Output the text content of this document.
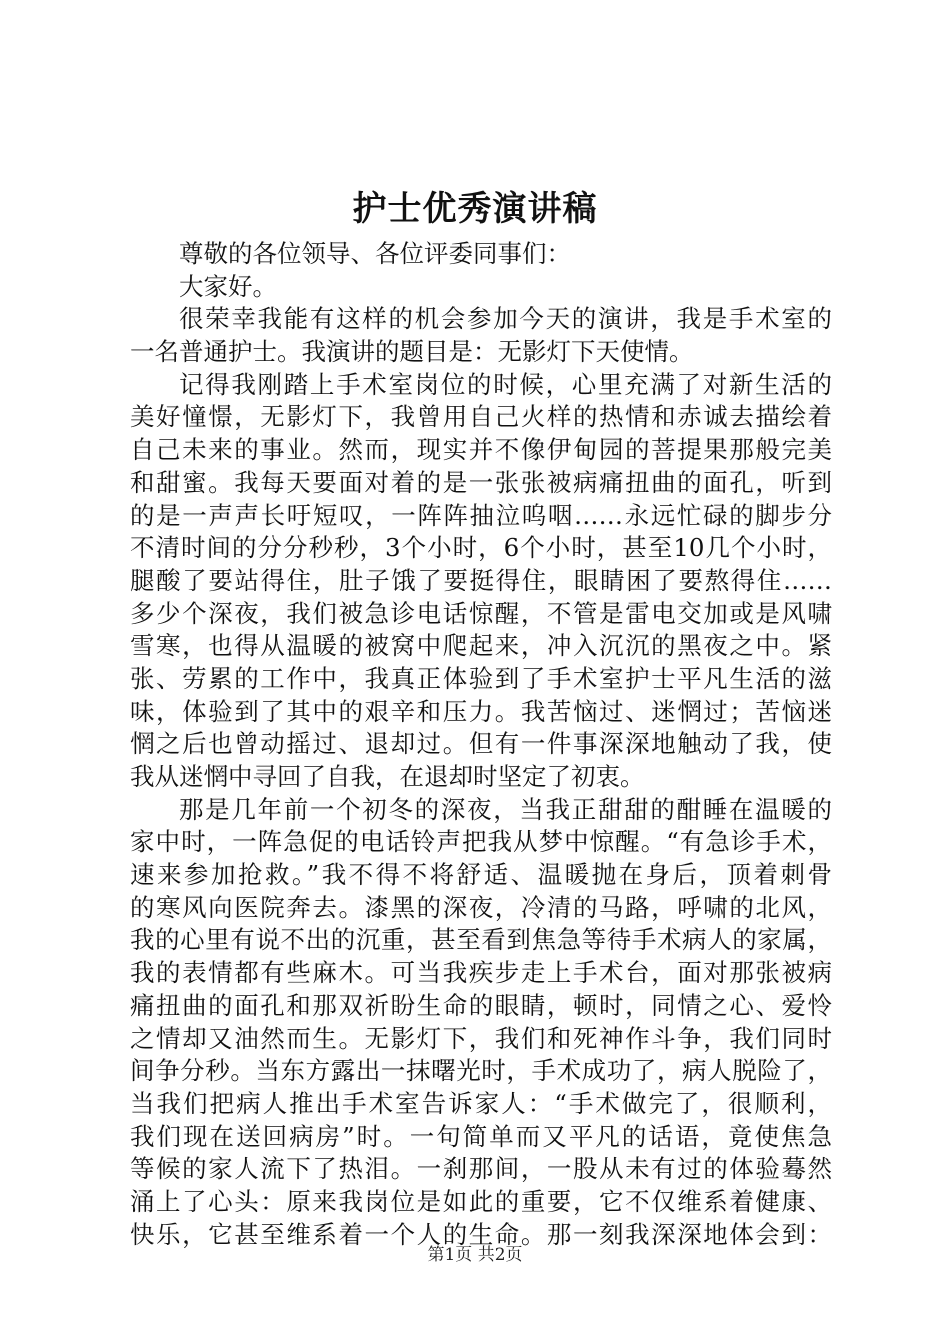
护士优秀演讲稿
尊敬的各位领导、各位评委同事们：
大家好。
很荣幸我能有这样的机会参加今天的演讲，我是手术室的
一名普通护士。我演讲的题目是：无影灯下天使情。
记得我刚踏上手术室岗位的时候，心里充满了对新生活的
美好憧憬，无影灯下，我曾用自己火样的热情和赤诚去描绘着
自己未来的事业。然而，现实并不像伊甸园的菩提果那般完美
和甜蜜。我每天要面对着的是一张张被病痛扭曲的面孔，听到
的是一声声长吁短叹，一阵阵抽泣呜咽……永远忙碌的脚步分
不清时间的分分秒秒，3个小时，6个小时，甚至10几个小时，
腿酸了要站得住，肚子饿了要挺得住，眼睛困了要熬得住……
多少个深夜，我们被急诊电话惊醒，不管是雷电交加或是风啸
雪寒，也得从温暖的被窝中爬起来，冲入沉沉的黑夜之中。紧
张、劳累的工作中，我真正体验到了手术室护士平凡生活的滋
味，体验到了其中的艰辛和压力。我苦恼过、迷惘过；苦恼迷
惘之后也曾动摇过、退却过。但有一件事深深地触动了我，使
我从迷惘中寻回了自我，在退却时坚定了初衷。
那是几年前一个初冬的深夜，当我正甜甜的酣睡在温暖的
家中时，一阵急促的电话铃声把我从梦中惊醒。“有急诊手术，
速来参加抢救。”我不得不将舒适、温暖抛在身后，顶着刺骨
的寒风向医院奔去。漆黑的深夜，冷清的马路，呼啸的北风，
我的心里有说不出的沉重，甚至看到焦急等待手术病人的家属，
我的表情都有些麻木。可当我疾步走上手术台，面对那张被病
痛扭曲的面孔和那双祈盼生命的眼睛，顿时，同情之心、爱怜
之情却又油然而生。无影灯下，我们和死神作斗争，我们同时
间争分秒。当东方露出一抹曙光时，手术成功了，病人脱险了，
当我们把病人推出手术室告诉家人：“手术做完了，很顺利，
我们现在送回病房”时。一句简单而又平凡的话语，竟使焦急
等候的家人流下了热泪。一刹那间，一股从未有过的体验蓦然
涌上了心头：原来我岗位是如此的重要，它不仅维系着健康、
快乐，它甚至维系着一个人的生命。那一刻我深深地体会到：
第1页 共2页
